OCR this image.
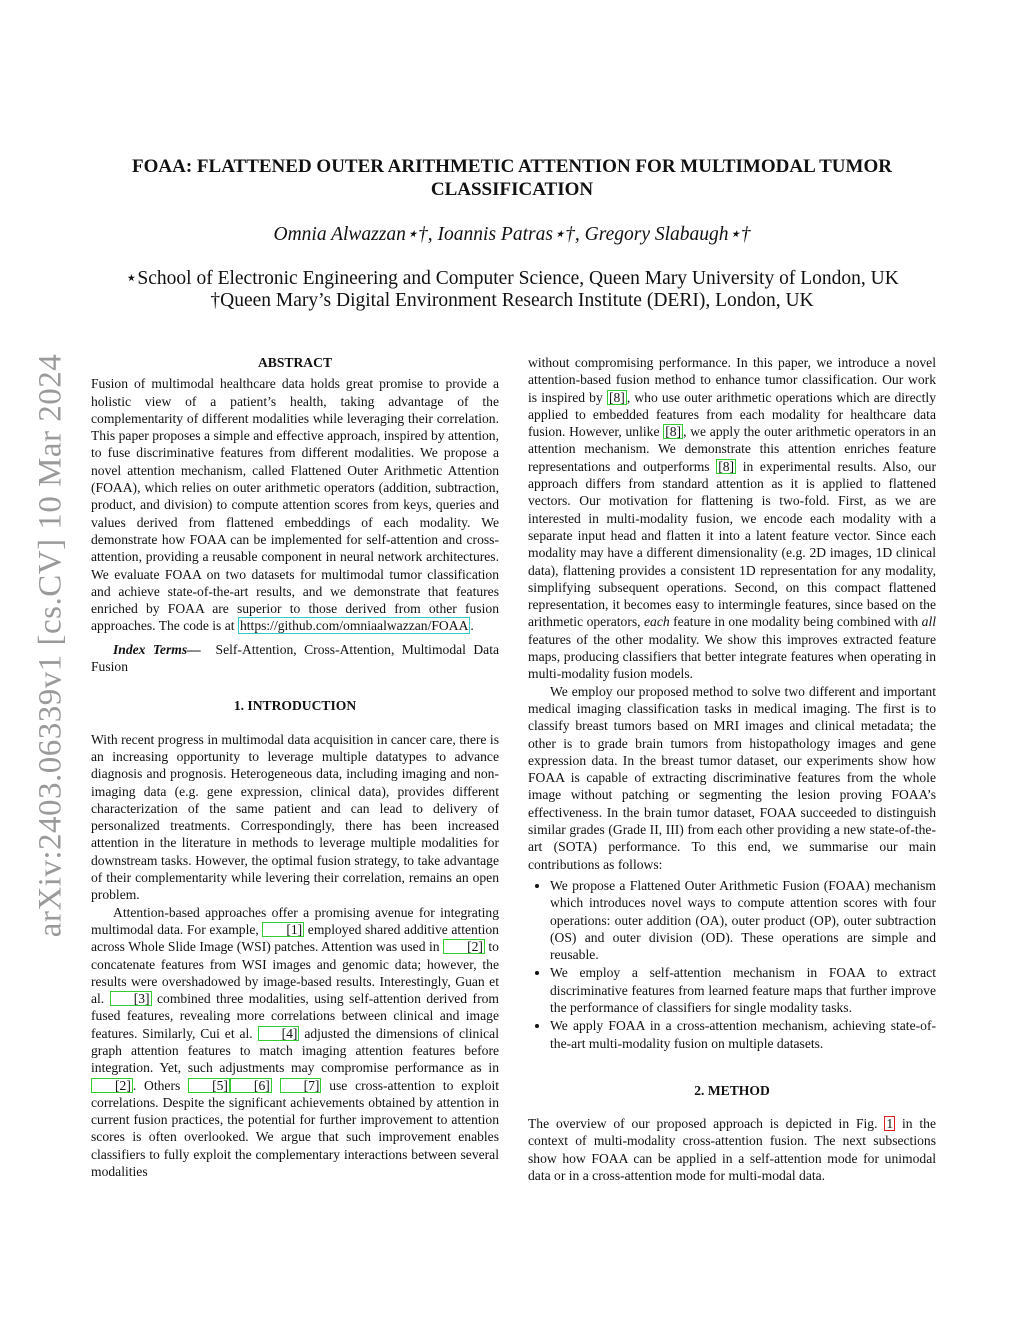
arXiv:2403.06339v1 [cs.CV] 10 Mar 2024
FOAA: FLATTENED OUTER ARITHMETIC ATTENTION FOR MULTIMODAL TUMOR CLASSIFICATION
Omnia Alwazzan⋆†, Ioannis Patras⋆†, Gregory Slabaugh⋆†
⋆School of Electronic Engineering and Computer Science, Queen Mary University of London, UK
†Queen Mary’s Digital Environment Research Institute (DERI), London, UK

ABSTRACT

Fusion of multimodal healthcare data holds great promise to provide a holistic view of a patient’s health, taking advantage of the complementarity of different modalities while leveraging their correlation. This paper proposes a simple and effective approach, inspired by attention, to fuse discriminative features from different modalities. We propose a novel attention mechanism, called Flattened Outer Arithmetic Attention (FOAA), which relies on outer arithmetic operators (addition, subtraction, product, and division) to compute attention scores from keys, queries and values derived from flattened embeddings of each modality. We demonstrate how FOAA can be implemented for self-attention and cross-attention, providing a reusable component in neural network architectures. We evaluate FOAA on two datasets for multimodal tumor classification and achieve state-of-the-art results, and we demonstrate that features enriched by FOAA are superior to those derived from other fusion approaches. The code is at https://github.com/omniaalwazzan/FOAA .

Index Terms— Self-Attention, Cross-Attention, Multimodal Data Fusion

1. INTRODUCTION

With recent progress in multimodal data acquisition in cancer care, there is an increasing opportunity to leverage multiple datatypes to advance diagnosis and prognosis. Heterogeneous data, including imaging and non-imaging data (e.g. gene expression, clinical data), provides different characterization of the same patient and can lead to delivery of personalized treatments. Correspondingly, there has been increased attention in the literature in methods to leverage multiple modalities for downstream tasks. However, the optimal fusion strategy, to take advantage of their complementarity while levering their correlation, remains an open problem.

Attention-based approaches offer a promising avenue for integrating multimodal data. For example, [1] employed shared additive attention across Whole Slide Image (WSI) patches. Attention was used in [2] to concatenate features from WSI images and genomic data; however, the results were overshadowed by image-based results. Interestingly, Guan et al. [3] combined three modalities, using self-attention derived from fused features, revealing more correlations between clinical and image features. Similarly, Cui et al. [4] adjusted the dimensions of clinical graph attention features to match imaging attention features before integration. Yet, such adjustments may compromise performance as in [2] . Others [5] [6] [7] use cross-attention to exploit correlations. Despite the significant achievements obtained by attention in current fusion practices, the potential for further improvement to attention scores is often overlooked. We argue that such improvement enables classifiers to fully exploit the complementary interactions between several modalities

without compromising performance. In this paper, we introduce a novel attention-based fusion method to enhance tumor classification. Our work is inspired by [8] , who use outer arithmetic operations which are directly applied to embedded features from each modality for healthcare data fusion. However, unlike [8] , we apply the outer arithmetic operators in an attention mechanism. We demonstrate this attention enriches feature representations and outperforms [8] in experimental results. Also, our approach differs from standard attention as it is applied to flattened vectors. Our motivation for flattening is two-fold. First, as we are interested in multi-modality fusion, we encode each modality with a separate input head and flatten it into a latent feature vector. Since each modality may have a different dimensionality (e.g. 2D images, 1D clinical data), flattening provides a consistent 1D representation for any modality, simplifying subsequent operations. Second, on this compact flattened representation, it becomes easy to intermingle features, since based on the arithmetic operators, each feature in one modality being combined with all features of the other modality. We show this improves extracted feature maps, producing classifiers that better integrate features when operating in multi-modality fusion models.

We employ our proposed method to solve two different and important medical imaging classification tasks in medical imaging. The first is to classify breast tumors based on MRI images and clinical metadata; the other is to grade brain tumors from histopathology images and gene expression data. In the breast tumor dataset, our experiments show how FOAA is capable of extracting discriminative features from the whole image without patching or segmenting the lesion proving FOAA’s effectiveness. In the brain tumor dataset, FOAA succeeded to distinguish similar grades (Grade II, III) from each other providing a new state-of-the-art (SOTA) performance. To this end, we summarise our main contributions as follows:

• We propose a Flattened Outer Arithmetic Fusion (FOAA) mechanism which introduces novel ways to compute attention scores with four operations: outer addition (OA), outer product (OP), outer subtraction (OS) and outer division (OD). These operations are simple and reusable.
• We employ a self-attention mechanism in FOAA to extract discriminative features from learned feature maps that further improve the performance of classifiers for single modality tasks.
• We apply FOAA in a cross-attention mechanism, achieving state-of-the-art multi-modality fusion on multiple datasets.

2. METHOD

The overview of our proposed approach is depicted in Fig. 1 in the context of multi-modality cross-attention fusion. The next subsections show how FOAA can be applied in a self-attention mode for unimodal data or in a cross-attention mode for multi-modal data.
